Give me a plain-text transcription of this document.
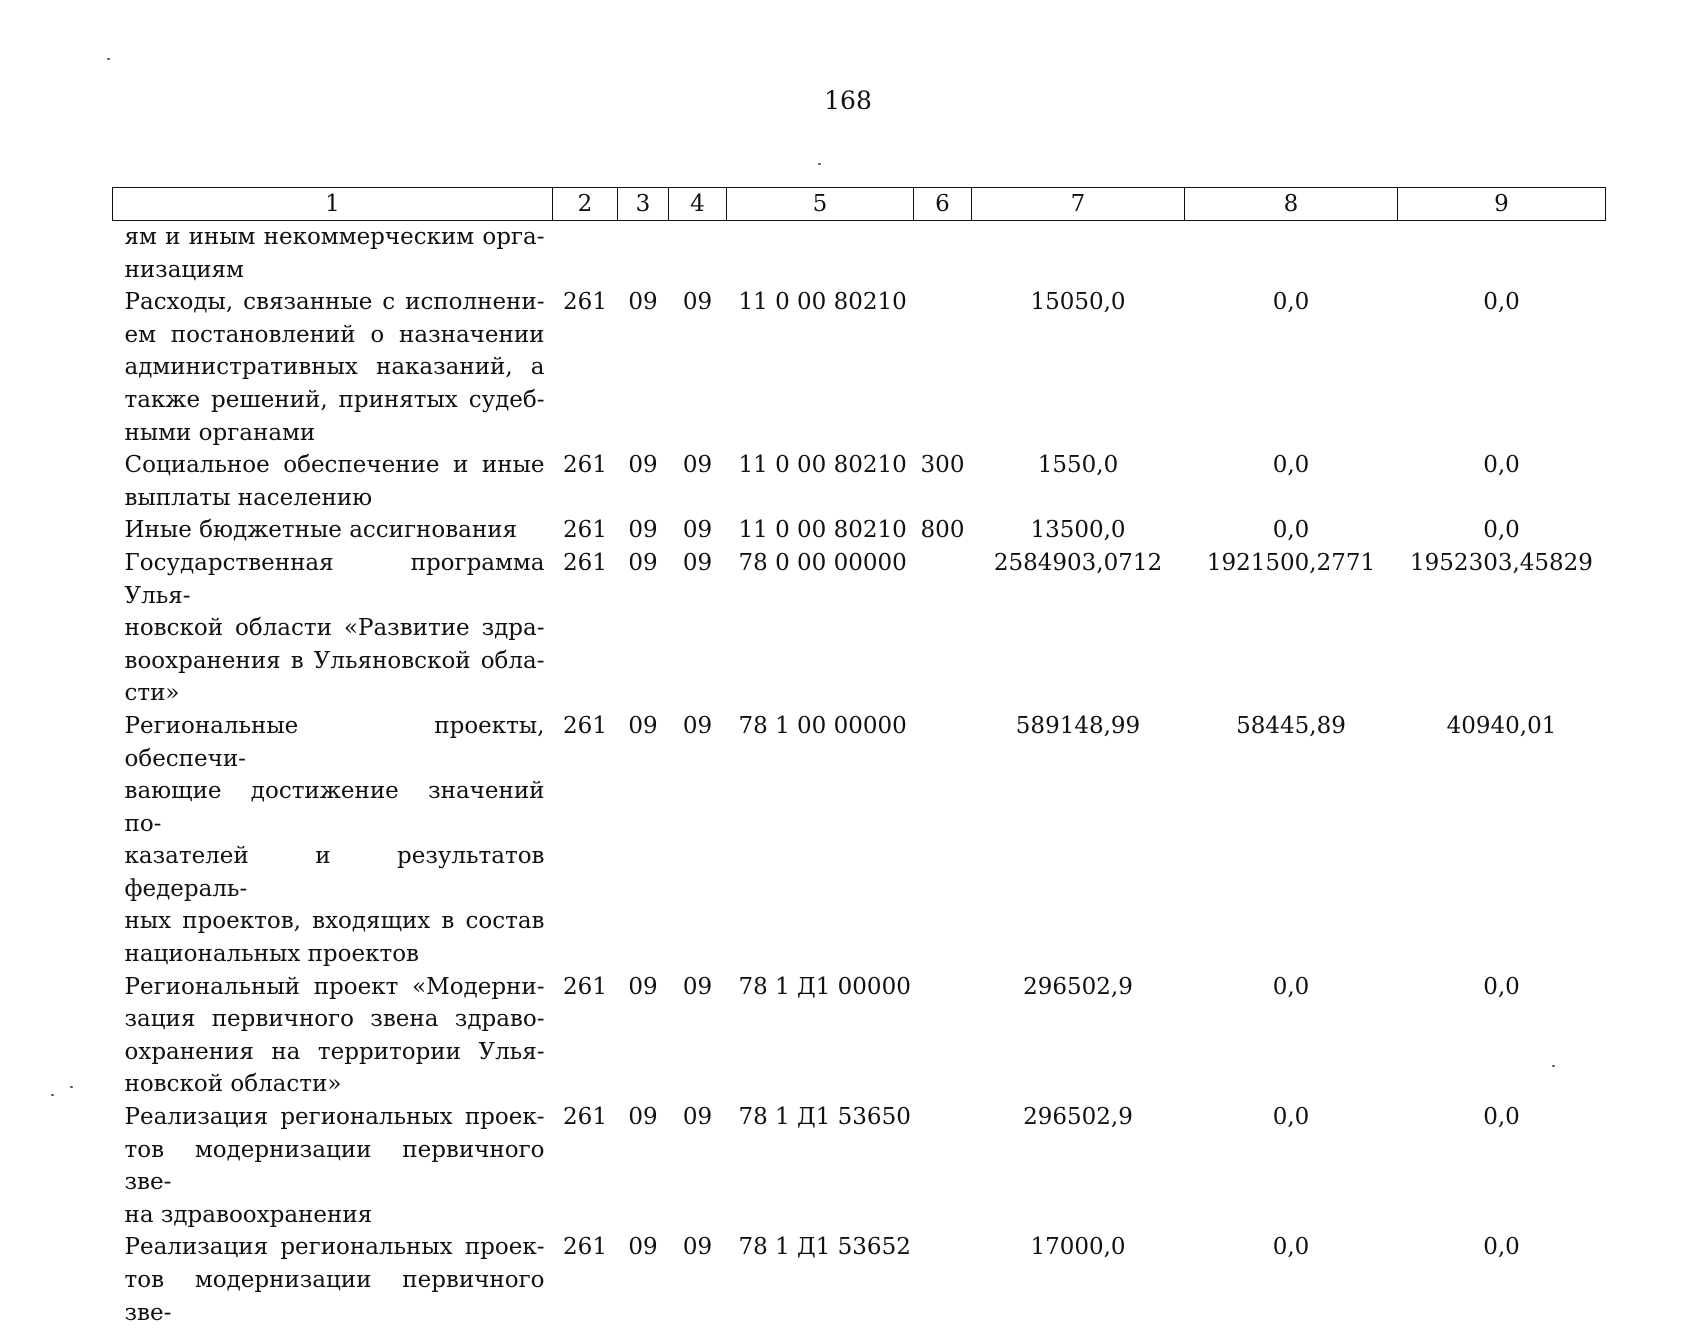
168
1	2	3	4	5	6	7	8	9

ям и иным некоммерческим орга-
низациям								

Расходы, связанные с исполнени-
ем постановлений о назначении
административных наказаний, а
также решений, принятых судеб-
ными органами	261	09	09	11 0 00 80210		15050,0	0,0	0,0

Социальное обеспечение и иные
выплаты населению	261	09	09	11 0 00 80210	300	1550,0	0,0	0,0

Иные бюджетные ассигнования	261	09	09	11 0 00 80210	800	13500,0	0,0	0,0

Государственная программа Улья-
новской области «Развитие здра-
воохранения в Ульяновской обла-
сти»	261	09	09	78 0 00 00000		2584903,0712	1921500,2771	1952303,45829

Региональные проекты, обеспечи-
вающие достижение значений по-
казателей и результатов федераль-
ных проектов, входящих в состав
национальных проектов	261	09	09	78 1 00 00000		589148,99	58445,89	40940,01

Региональный проект «Модерни-
зация первичного звена здраво-
охранения на территории Улья-
новской области»	261	09	09	78 1 Д1 00000		296502,9	0,0	0,0

Реализация региональных проек-
тов модернизации первичного зве-
на здравоохранения	261	09	09	78 1 Д1 53650		296502,9	0,0	0,0

Реализация региональных проек-
тов модернизации первичного зве-	261	09	09	78 1 Д1 53652		17000,0	0,0	0,0
